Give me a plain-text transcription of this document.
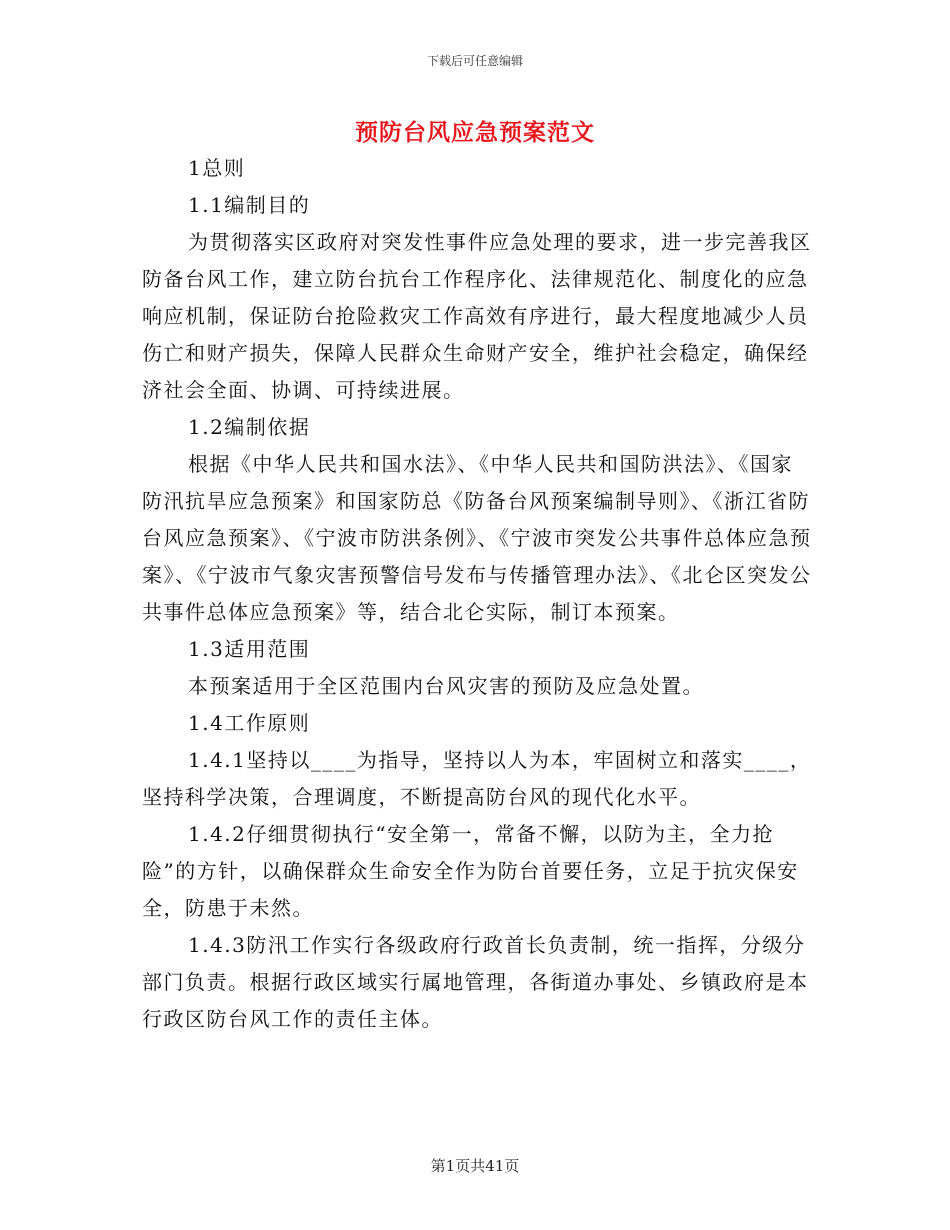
下载后可任意编辑
预防台风应急预案范文

1总则

1.1编制目的

为贯彻落实区政府对突发性事件应急处理的要求，进一步完善我区防备台风工作，建立防台抗台工作程序化、法律规范化、制度化的应急响应机制，保证防台抢险救灾工作高效有序进行，最大程度地减少人员伤亡和财产损失，保障人民群众生命财产安全，维护社会稳定，确保经济社会全面、协调、可持续进展。

1.2编制依据

根据《中华人民共和国水法》、《中华人民共和国防洪法》、《国家防汛抗旱应急预案》和国家防总《防备台风预案编制导则》、《浙江省防台风应急预案》、《宁波市防洪条例》、《宁波市突发公共事件总体应急预案》、《宁波市气象灾害预警信号发布与传播管理办法》、《北仑区突发公共事件总体应急预案》等，结合北仑实际，制订本预案。

1.3适用范围

本预案适用于全区范围内台风灾害的预防及应急处置。

1.4工作原则

1.4.1坚持以____为指导，坚持以人为本，牢固树立和落实____，坚持科学决策，合理调度，不断提高防台风的现代化水平。

1.4.2仔细贯彻执行“安全第一，常备不懈，以防为主，全力抢险”的方针，以确保群众生命安全作为防台首要任务，立足于抗灾保安全，防患于未然。

1.4.3防汛工作实行各级政府行政首长负责制，统一指挥，分级分部门负责。根据行政区域实行属地管理，各街道办事处、乡镇政府是本行政区防台风工作的责任主体。

第1页共41页
